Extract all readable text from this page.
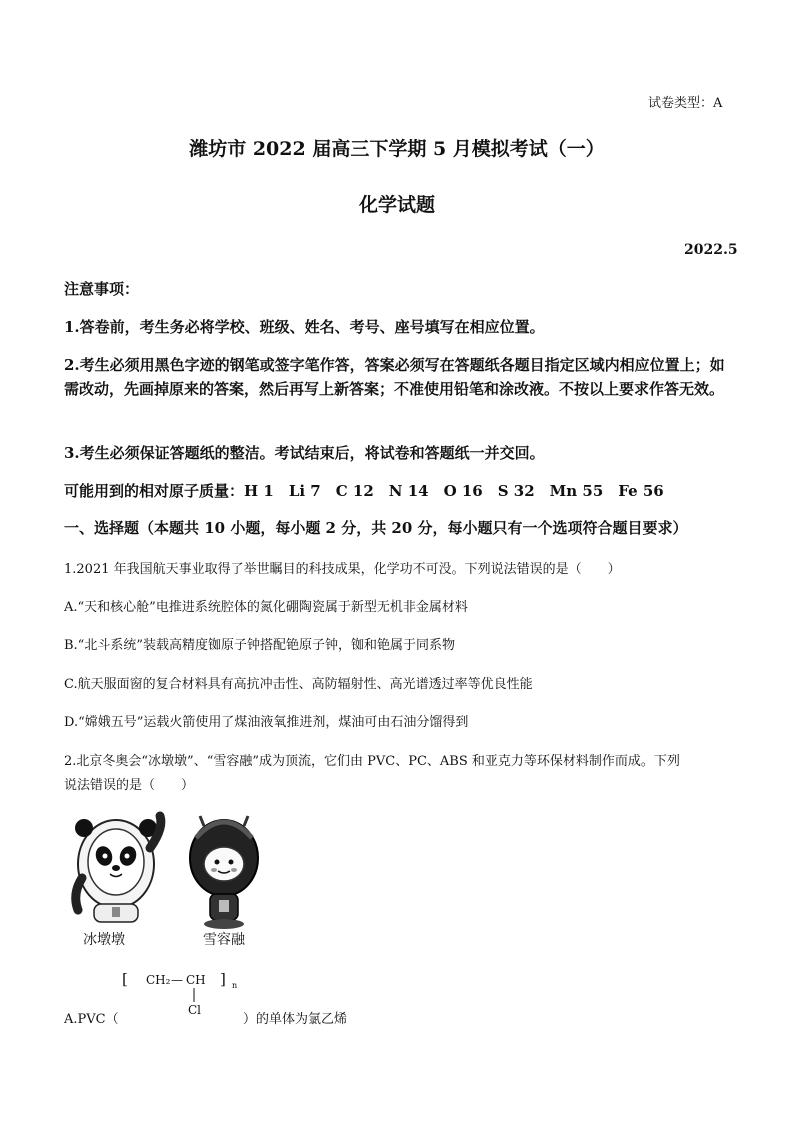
试卷类型：A
潍坊市 2022 届高三下学期 5 月模拟考试（一）
化学试题
2022.5
注意事项：
1.答卷前，考生务必将学校、班级、姓名、考号、座号填写在相应位置。
2.考生必须用黑色字迹的钢笔或签字笔作答，答案必须写在答题纸各题目指定区域内相应位置上；如需改动，先画掉原来的答案，然后再写上新答案；不准使用铅笔和涂改液。不按以上要求作答无效。
3.考生必须保证答题纸的整洁。考试结束后，将试卷和答题纸一并交回。
可能用到的相对原子质量：H 1　Li 7　C 12　N 14　O 16　S 32　Mn 55　Fe 56
一、选择题（本题共 10 小题，每小题 2 分，共 20 分，每小题只有一个选项符合题目要求）
1.2021 年我国航天事业取得了举世瞩目的科技成果，化学功不可没。下列说法错误的是（　　）
A.“天和核心舱”电推进系统腔体的氮化硼陶瓷属于新型无机非金属材料
B.“北斗系统”装载高精度铷原子钟搭配铯原子钟，铷和铯属于同系物
C.航天服面窗的复合材料具有高抗冲击性、高防辐射性、高光谱透过率等优良性能
D.“嫦娥五号”运载火箭使用了煤油液氧推进剂，煤油可由石油分馏得到
2.北京冬奥会“冰墩墩”、“雪容融”成为顶流，它们由 PVC、PC、ABS 和亚克力等环保材料制作而成。下列
说法错误的是（　　）
冰墩墩	雪容融
[ CH₂ — CH ] n
Cl
A.PVC（	）的单体为氯乙烯
